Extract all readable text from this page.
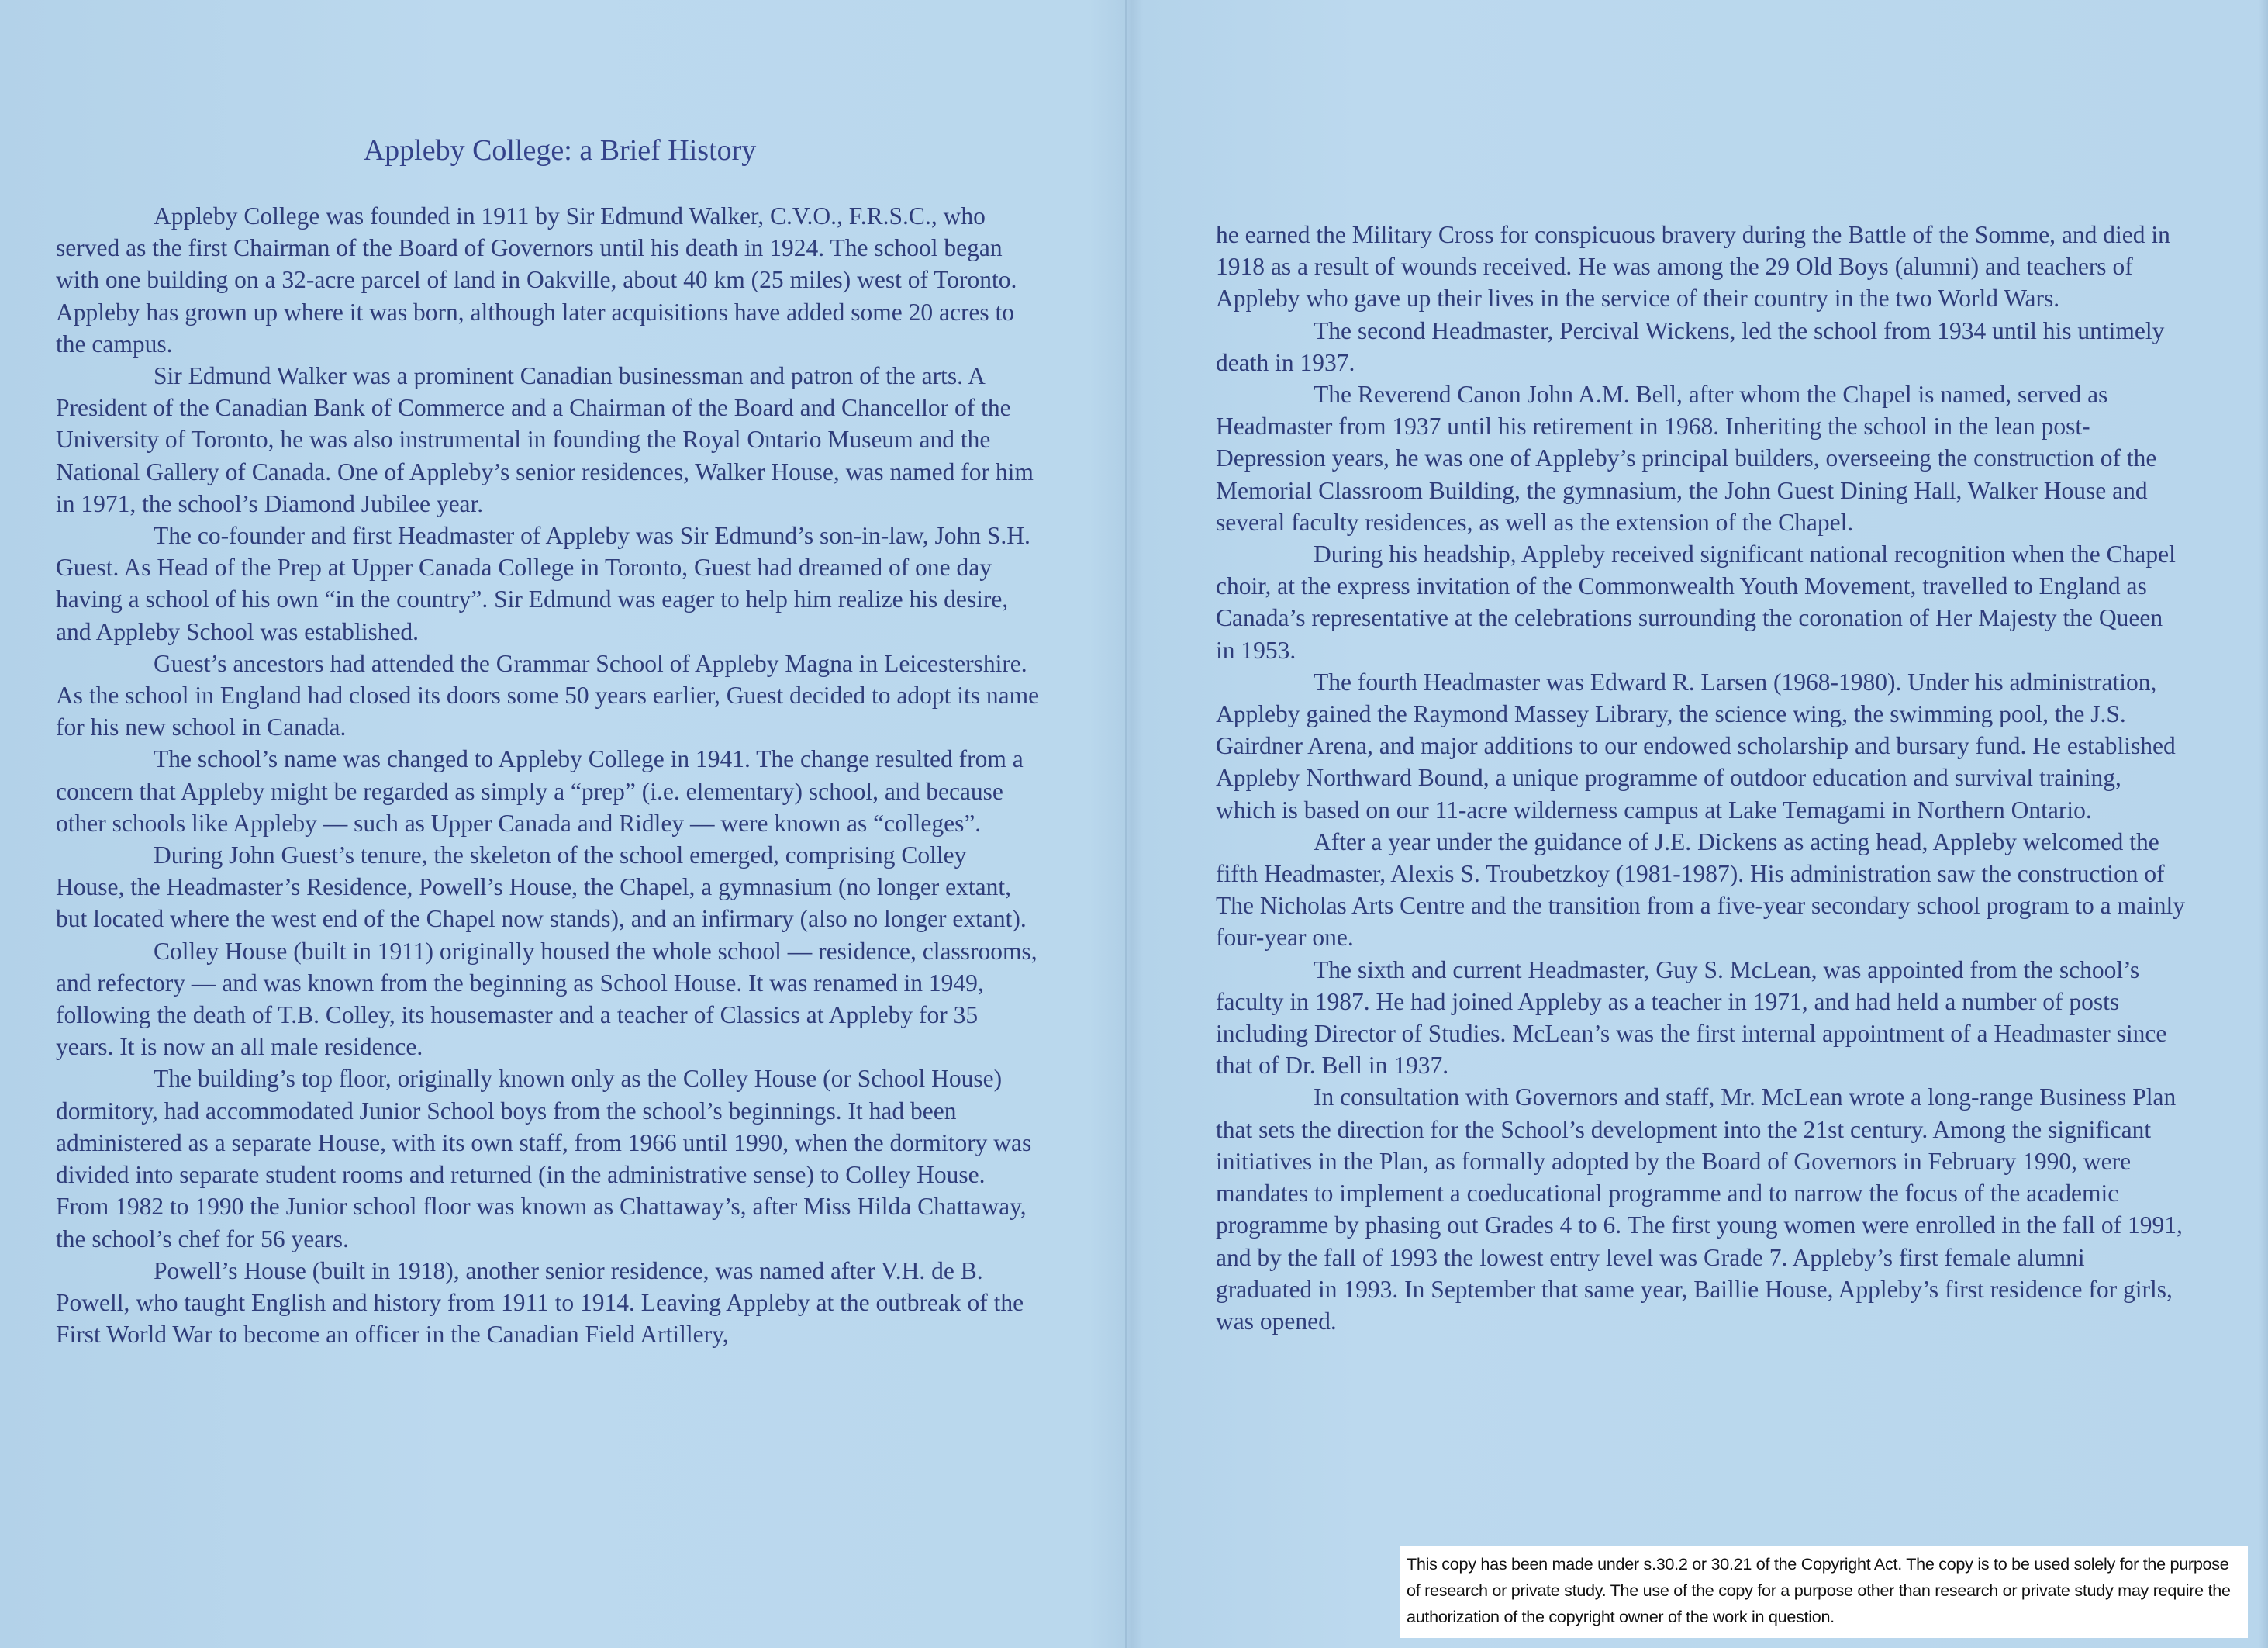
Appleby College: a Brief History

Appleby College was founded in 1911 by Sir Edmund Walker, C.V.O., F.R.S.C., who served as the first Chairman of the Board of Governors until his death in 1924. The school began with one building on a 32-acre parcel of land in Oakville, about 40 km (25 miles) west of Toronto. Appleby has grown up where it was born, although later acquisitions have added some 20 acres to the campus.

Sir Edmund Walker was a prominent Canadian businessman and patron of the arts. A President of the Canadian Bank of Commerce and a Chairman of the Board and Chancellor of the University of Toronto, he was also instrumental in founding the Royal Ontario Museum and the National Gallery of Canada. One of Appleby’s senior residences, Walker House, was named for him in 1971, the school’s Diamond Jubilee year.

The co-founder and first Headmaster of Appleby was Sir Edmund’s son-in-law, John S.H. Guest. As Head of the Prep at Upper Canada College in Toronto, Guest had dreamed of one day having a school of his own “in the country”. Sir Edmund was eager to help him realize his desire, and Appleby School was established.

Guest’s ancestors had attended the Grammar School of Appleby Magna in Leicestershire. As the school in England had closed its doors some 50 years earlier, Guest decided to adopt its name for his new school in Canada.

The school’s name was changed to Appleby College in 1941. The change resulted from a concern that Appleby might be regarded as simply a “prep” (i.e. elementary) school, and because other schools like Appleby — such as Upper Canada and Ridley — were known as “colleges”.

During John Guest’s tenure, the skeleton of the school emerged, comprising Colley House, the Headmaster’s Residence, Powell’s House, the Chapel, a gymnasium (no longer extant, but located where the west end of the Chapel now stands), and an infirmary (also no longer extant).

Colley House (built in 1911) originally housed the whole school — residence, classrooms, and refectory — and was known from the beginning as School House. It was renamed in 1949, following the death of T.B. Colley, its housemaster and a teacher of Classics at Appleby for 35 years. It is now an all male residence.

The building’s top floor, originally known only as the Colley House (or School House) dormitory, had accommodated Junior School boys from the school’s beginnings. It had been administered as a separate House, with its own staff, from 1966 until 1990, when the dormitory was divided into separate student rooms and returned (in the administrative sense) to Colley House. From 1982 to 1990 the Junior school floor was known as Chattaway’s, after Miss Hilda Chattaway, the school’s chef for 56 years.

Powell’s House (built in 1918), another senior residence, was named after V.H. de B. Powell, who taught English and history from 1911 to 1914. Leaving Appleby at the outbreak of the First World War to become an officer in the Canadian Field Artillery,

he earned the Military Cross for conspicuous bravery during the Battle of the Somme, and died in 1918 as a result of wounds received. He was among the 29 Old Boys (alumni) and teachers of Appleby who gave up their lives in the service of their country in the two World Wars.

The second Headmaster, Percival Wickens, led the school from 1934 until his untimely death in 1937.

The Reverend Canon John A.M. Bell, after whom the Chapel is named, served as Headmaster from 1937 until his retirement in 1968. Inheriting the school in the lean post-Depression years, he was one of Appleby’s principal builders, overseeing the construction of the Memorial Classroom Building, the gymnasium, the John Guest Dining Hall, Walker House and several faculty residences, as well as the extension of the Chapel.

During his headship, Appleby received significant national recognition when the Chapel choir, at the express invitation of the Commonwealth Youth Movement, travelled to England as Canada’s representative at the celebrations surrounding the coronation of Her Majesty the Queen in 1953.

The fourth Headmaster was Edward R. Larsen (1968-1980). Under his administration, Appleby gained the Raymond Massey Library, the science wing, the swimming pool, the J.S. Gairdner Arena, and major additions to our endowed scholarship and bursary fund. He established Appleby Northward Bound, a unique programme of outdoor education and survival training, which is based on our 11-acre wilderness campus at Lake Temagami in Northern Ontario.

After a year under the guidance of J.E. Dickens as acting head, Appleby welcomed the fifth Headmaster, Alexis S. Troubetzkoy (1981-1987). His administration saw the construction of The Nicholas Arts Centre and the transition from a five-year secondary school program to a mainly four-year one.

The sixth and current Headmaster, Guy S. McLean, was appointed from the school’s faculty in 1987. He had joined Appleby as a teacher in 1971, and had held a number of posts including Director of Studies. McLean’s was the first internal appointment of a Headmaster since that of Dr. Bell in 1937.

In consultation with Governors and staff, Mr. McLean wrote a long-range Business Plan that sets the direction for the School’s development into the 21st century. Among the significant initiatives in the Plan, as formally adopted by the Board of Governors in February 1990, were mandates to implement a coeducational programme and to narrow the focus of the academic programme by phasing out Grades 4 to 6. The first young women were enrolled in the fall of 1991, and by the fall of 1993 the lowest entry level was Grade 7. Appleby’s first female alumni graduated in 1993. In September that same year, Baillie House, Appleby’s first residence for girls, was opened.

This copy has been made under s.30.2 or 30.21 of the Copyright Act. The copy is to be used solely for the purpose of research or private study. The use of the copy for a purpose other than research or private study may require the authorization of the copyright owner of the work in question.
